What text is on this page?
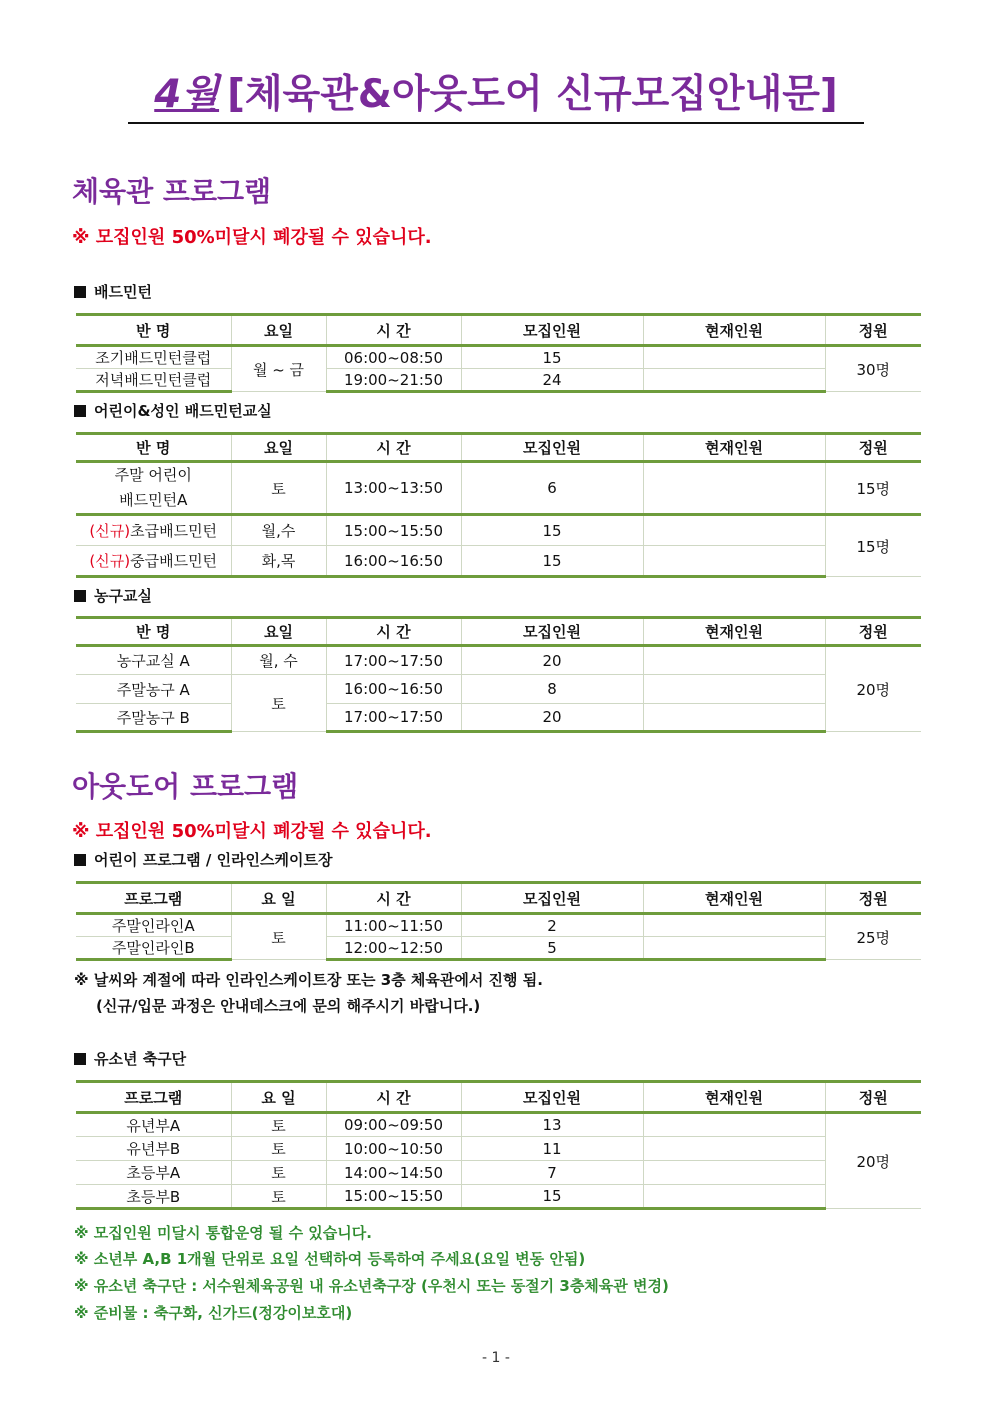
4월 [체육관&아웃도어 신규모집안내문]
체육관 프로그램
※ 모집인원 50%미달시 폐강될 수 있습니다.
배드민턴
반 명	요일	시 간	모집인원	현재인원	정원
조기배드민턴클럽	월 ~ 금	06:00~08:50	15		30명
저녁배드민턴클럽		19:00~21:50	24		
어린이&성인 배드민턴교실
반 명	요일	시 간	모집인원	현재인원	정원
주말 어린이
배드민턴A	토	13:00~13:50	6		15명
(신규)초급배드민턴	월,수	15:00~15:50	15		15명
(신규)중급배드민턴	화,목	16:00~16:50	15		
농구교실
반 명	요일	시 간	모집인원	현재인원	정원
농구교실 A	월, 수	17:00~17:50	20		20명
주말농구 A	토	16:00~16:50	8		
주말농구 B		17:00~17:50	20		
아웃도어 프로그램
※ 모집인원 50%미달시 폐강될 수 있습니다.
어린이 프로그램 / 인라인스케이트장
프로그램	요 일	시 간	모집인원	현재인원	정원
주말인라인A	토	11:00~11:50	2		25명
주말인라인B		12:00~12:50	5		
※ 날씨와 계절에 따라 인라인스케이트장 또는 3층 체육관에서 진행 됨.
(신규/입문 과정은 안내데스크에 문의 해주시기 바랍니다.)
유소년 축구단
프로그램	요 일	시 간	모집인원	현재인원	정원
유년부A	토	09:00~09:50	13		20명
유년부B	토	10:00~10:50	11		
초등부A	토	14:00~14:50	7		
초등부B	토	15:00~15:50	15		
※ 모집인원 미달시 통합운영 될 수 있습니다.
※ 소년부 A,B 1개월 단위로 요일 선택하여 등록하여 주세요(요일 변동 안됨)
※ 유소년 축구단 : 서수원체육공원 내 유소년축구장 (우천시 또는 동절기 3층체육관 변경)
※ 준비물 : 축구화, 신가드(정강이보호대)
- 1 -
